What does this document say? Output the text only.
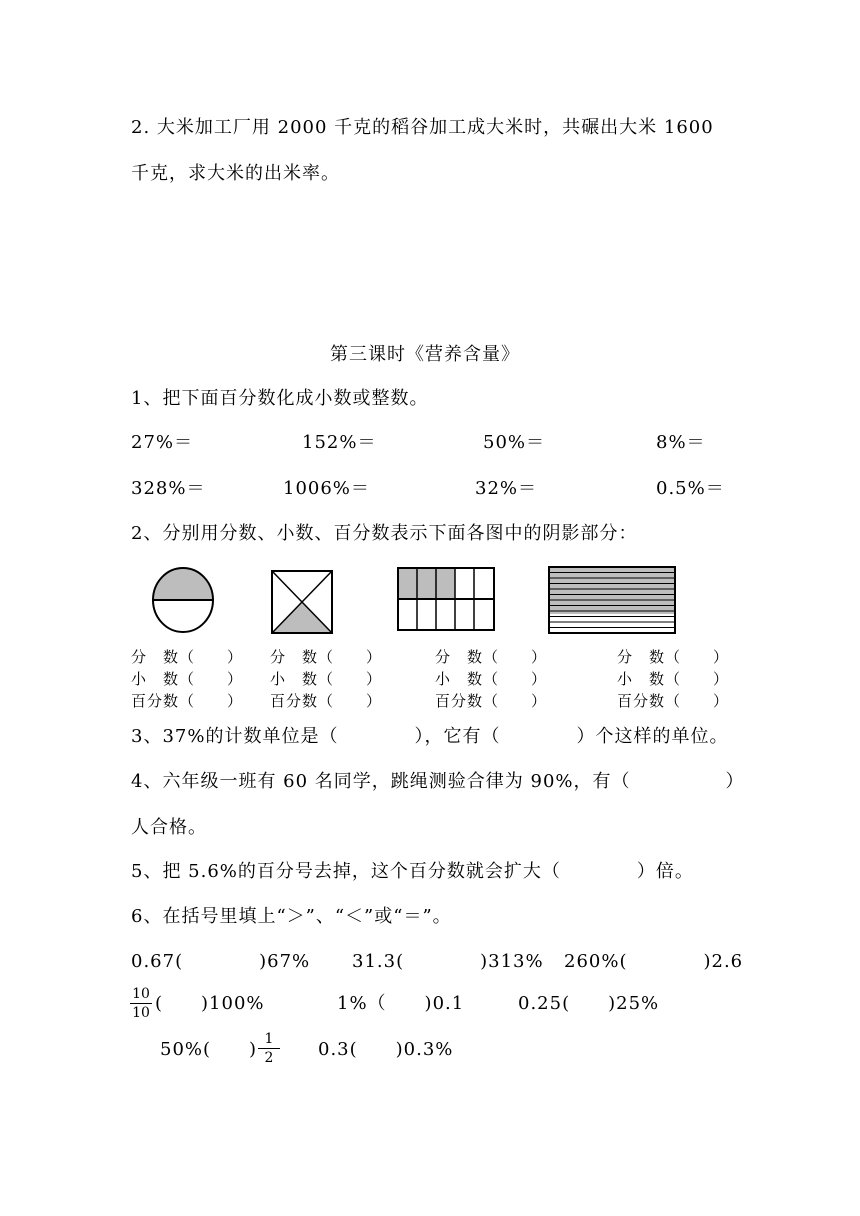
2. 大米加工厂用 2000 千克的稻谷加工成大米时，共碾出大米 1600
千克，求大米的出米率。
第三课时《营养含量》
1、把下面百分数化成小数或整数。
27%＝	152%＝	50%＝	8%＝
328%＝	1006%＝	32%＝	0.5%＝
2、分别用分数、小数、百分数表示下面各图中的阴影部分：
分　数（　　）
小　数（　　）
百分数（　　）
分　数（　　）
小　数（　　）
百分数（　　）
分　数（　　）
小　数（　　）
百分数（　　）
分　数（　　）
小　数（　　）
百分数（　　）
3、37%的计数单位是（　　　　），它有（　　　　）个这样的单位。
4、六年级一班有 60 名同学，跳绳测验合律为 90%，有（　　　　　）
人合格。
5、把 5.6%的百分号去掉，这个百分数就会扩大（　　　　）倍。
6、在括号里填上“＞”、“＜”或“＝”。
0.67(　　　　)67% 31.3(　　　　)313% 260%(　　　　)2.6
10
10 (　　)100%	1%（　　)0.1	0.25(　　)25%
50%(　　) 1
2	0.3(　　)0.3%
